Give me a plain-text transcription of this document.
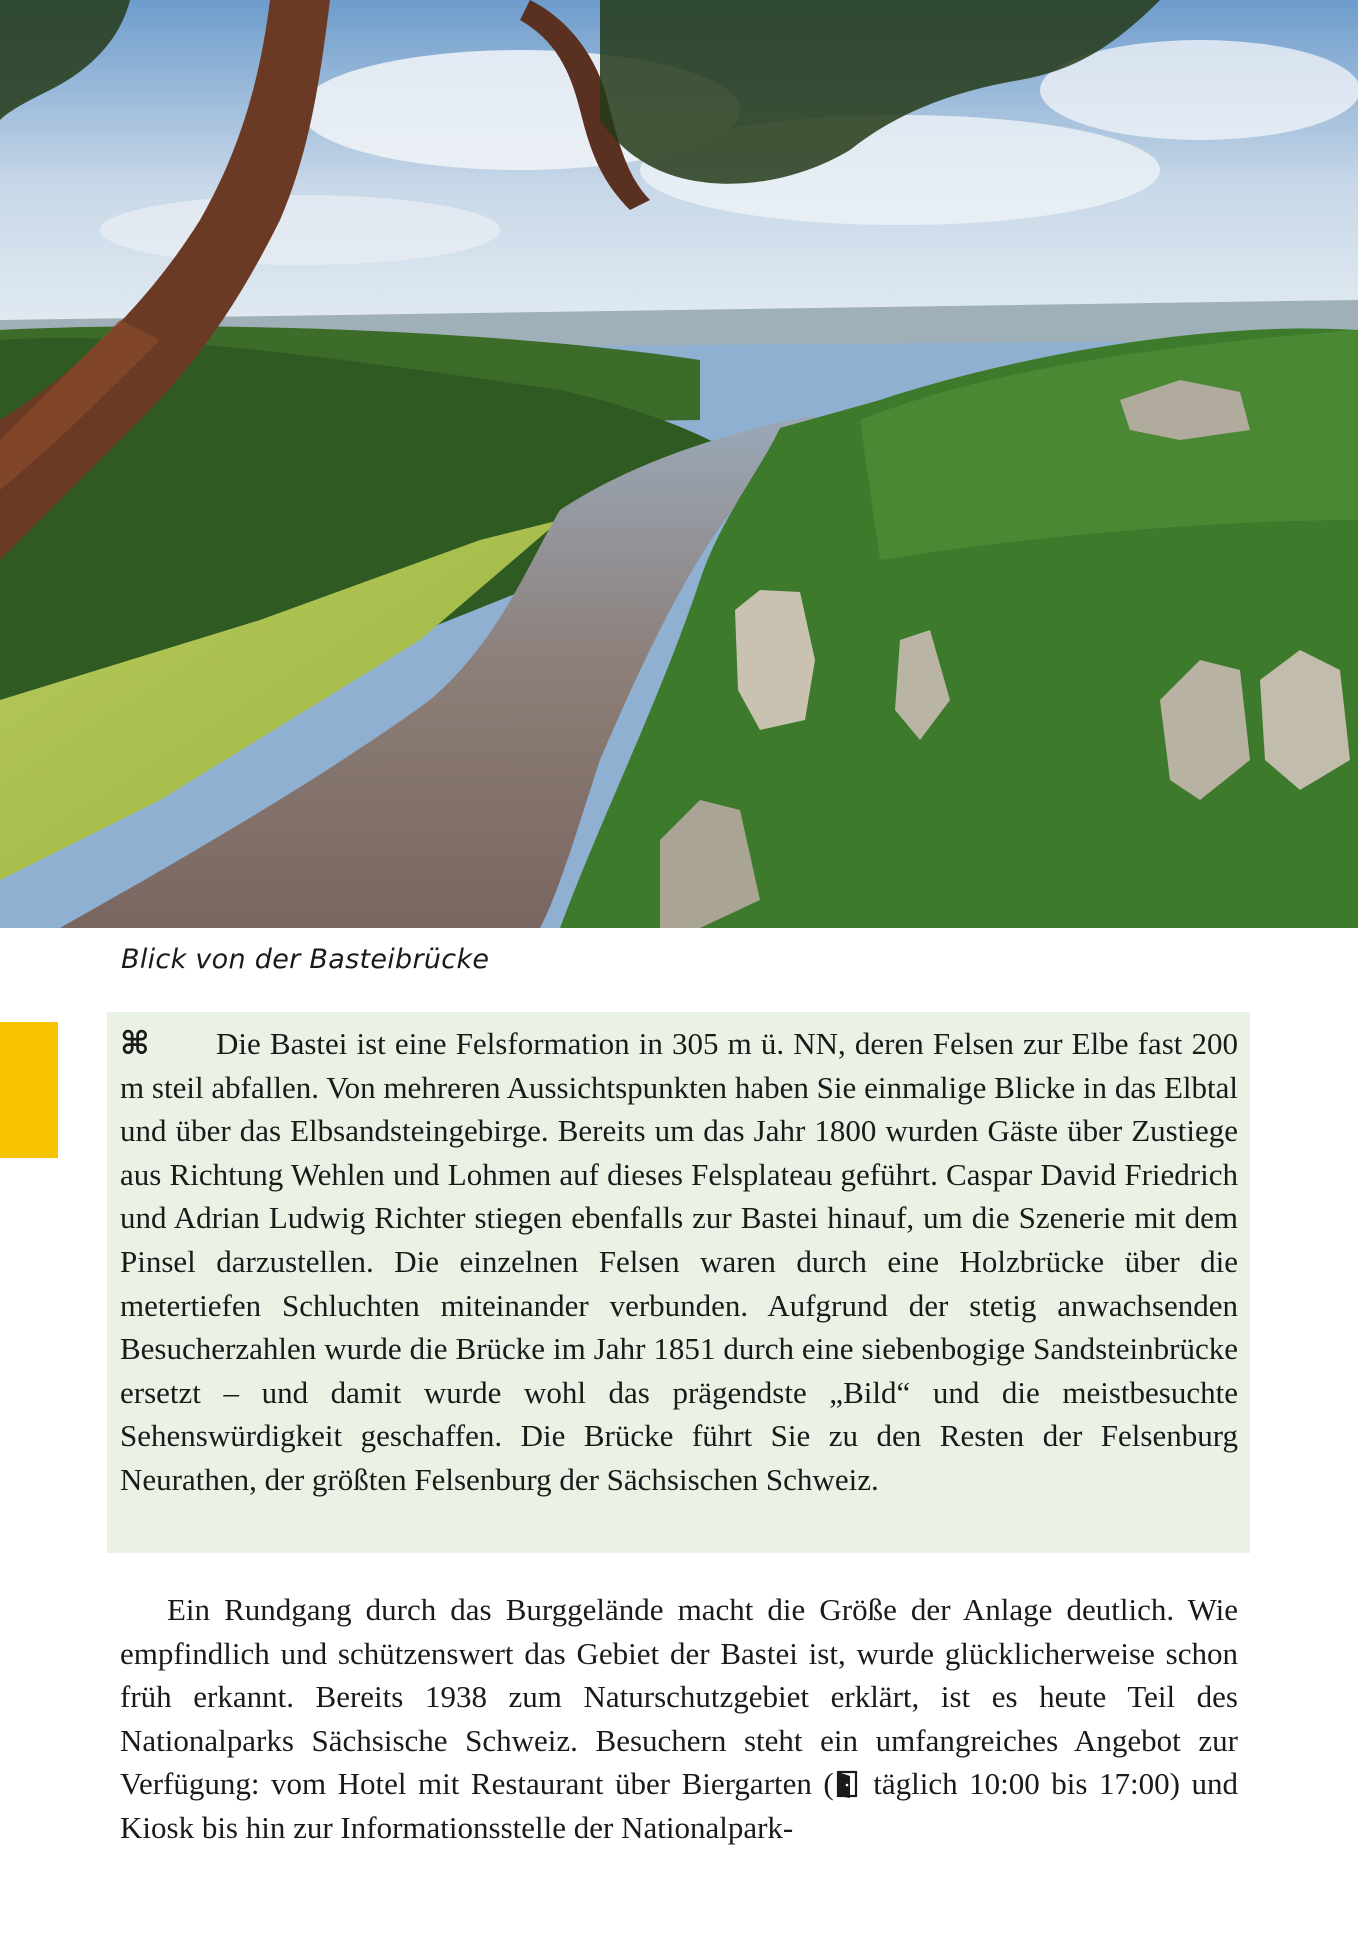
Blick von der Basteibrücke
⌘ Die Bastei ist eine Felsformation in 305 m ü. NN, deren Felsen zur Elbe fast 200 m steil abfallen. Von mehreren Aussichtspunkten haben Sie einmalige Blicke in das Elbtal und über das Elbsandsteingebirge. Bereits um das Jahr 1800 wurden Gäste über Zustiege aus Richtung Wehlen und Lohmen auf dieses Felsplateau geführt. Caspar David Friedrich und Adrian Ludwig Richter stiegen ebenfalls zur Bastei hinauf, um die Szenerie mit dem Pinsel darzustellen. Die einzelnen Felsen waren durch eine Holzbrücke über die metertiefen Schluchten miteinander verbunden. Aufgrund der stetig anwachsenden Besucherzahlen wurde die Brücke im Jahr 1851 durch eine siebenbogige Sandsteinbrücke ersetzt – und damit wurde wohl das prägendste „Bild“ und die meistbesuchte Sehenswürdigkeit geschaffen. Die Brücke führt Sie zu den Resten der Felsenburg Neurathen, der größten Felsenburg der Sächsischen Schweiz.
Ein Rundgang durch das Burggelände macht die Größe der Anlage deutlich. Wie empfindlich und schützenswert das Gebiet der Bastei ist, wurde glücklicherweise schon früh erkannt. Bereits 1938 zum Naturschutzgebiet erklärt, ist es heute Teil des Nationalparks Sächsische Schweiz. Besuchern steht ein umfangreiches Angebot zur Verfügung: vom Hotel mit Restaurant über Biergarten ( täglich 10:00 bis 17:00) und Kiosk bis hin zur Informationsstelle der Nationalpark-
